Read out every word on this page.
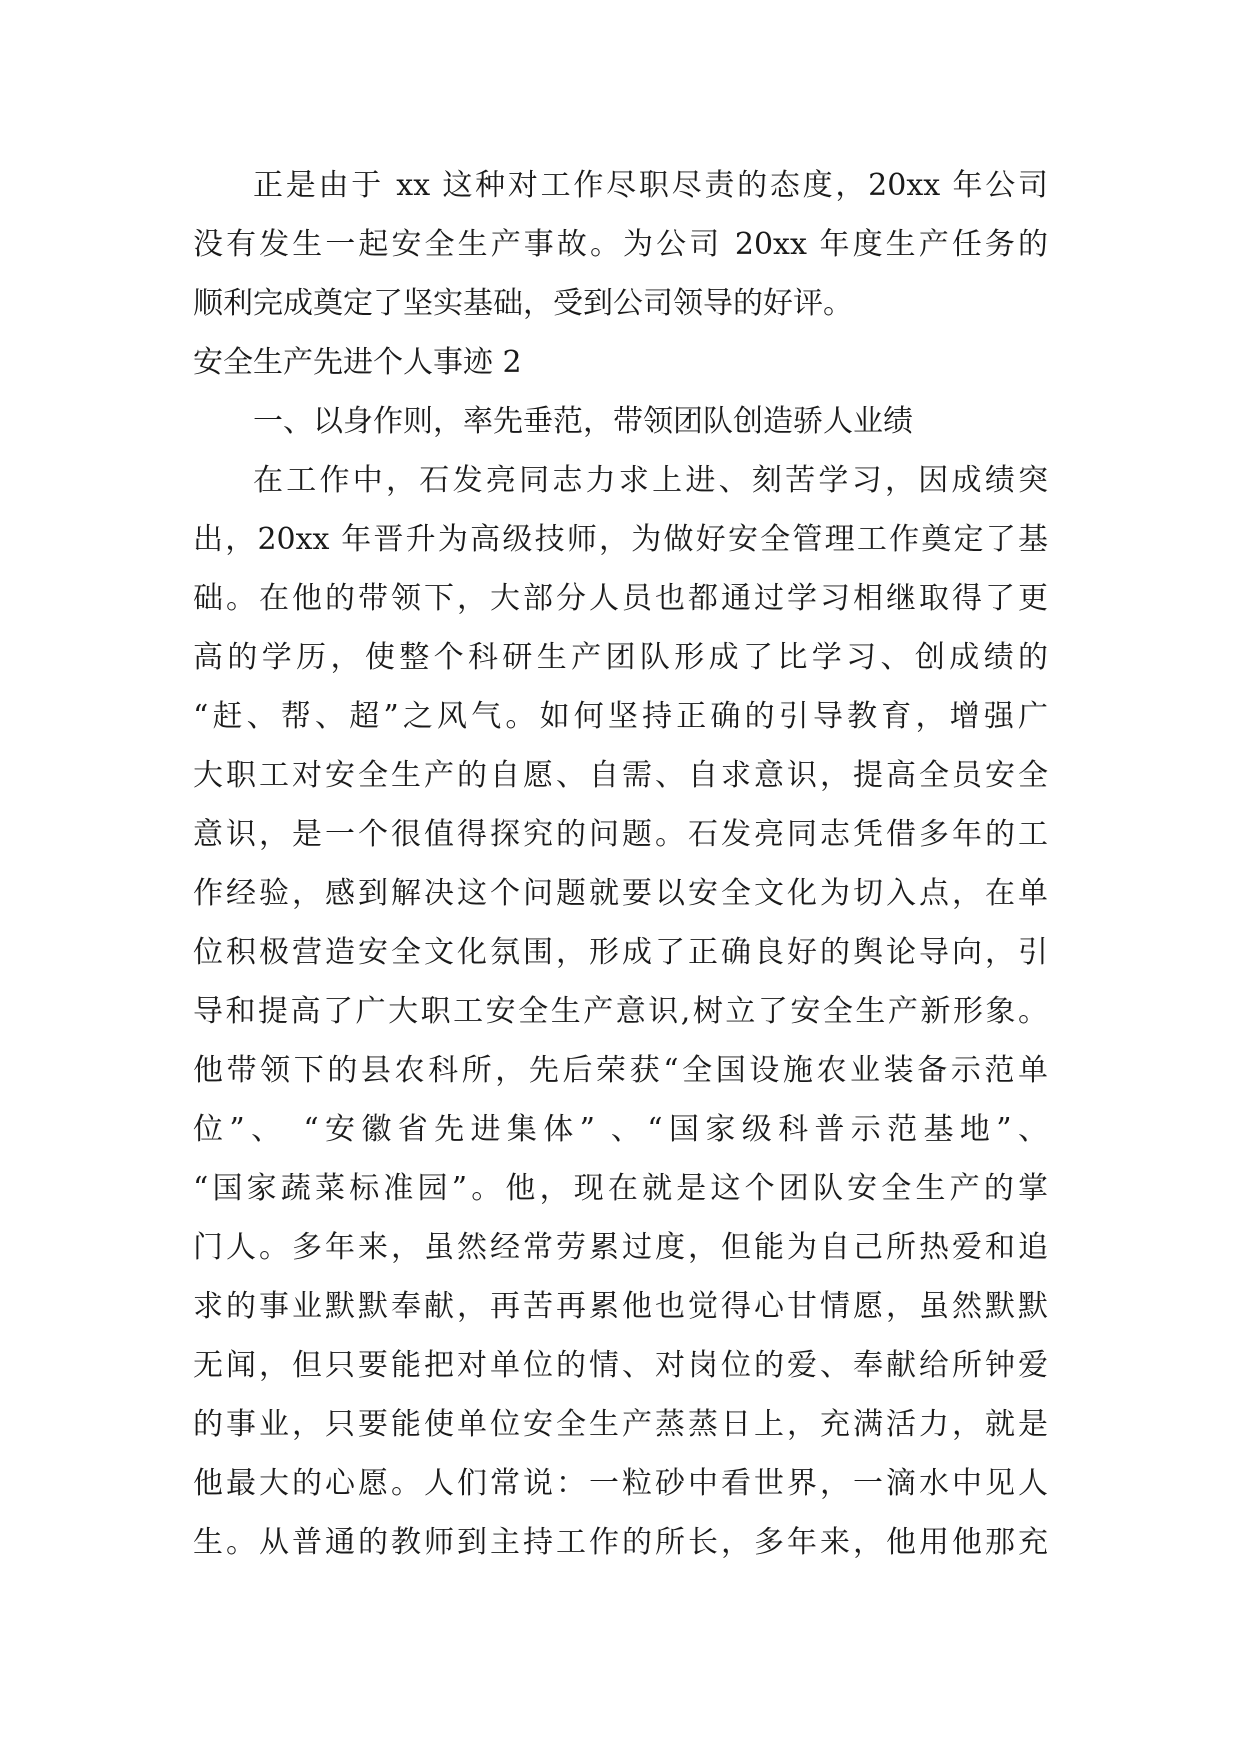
正是由于 xx 这种对工作尽职尽责的态度，20xx 年公司
没有发生一起安全生产事故。为公司 20xx 年度生产任务的
顺利完成奠定了坚实基础，受到公司领导的好评。
安全生产先进个人事迹 2
一、以身作则，率先垂范，带领团队创造骄人业绩
在工作中，石发亮同志力求上进、刻苦学习，因成绩突
出，20xx 年晋升为高级技师，为做好安全管理工作奠定了基
础。在他的带领下，大部分人员也都通过学习相继取得了更
高的学历，使整个科研生产团队形成了比学习、创成绩的
“赶、帮、超”之风气。如何坚持正确的引导教育，增强广
大职工对安全生产的自愿、自需、自求意识，提高全员安全
意识，是一个很值得探究的问题。石发亮同志凭借多年的工
作经验，感到解决这个问题就要以安全文化为切入点，在单
位积极营造安全文化氛围，形成了正确良好的舆论导向，引
导和提高了广大职工安全生产意识,树立了安全生产新形象。
他带领下的县农科所，先后荣获“全国设施农业装备示范单
位”、 “安徽省先进集体” 、“国家级科普示范基地”、
“国家蔬菜标准园”。他，现在就是这个团队安全生产的掌
门人。多年来，虽然经常劳累过度，但能为自己所热爱和追
求的事业默默奉献，再苦再累他也觉得心甘情愿，虽然默默
无闻，但只要能把对单位的情、对岗位的爱、奉献给所钟爱
的事业，只要能使单位安全生产蒸蒸日上，充满活力，就是
他最大的心愿。人们常说：一粒砂中看世界，一滴水中见人
生。从普通的教师到主持工作的所长，多年来，他用他那充
